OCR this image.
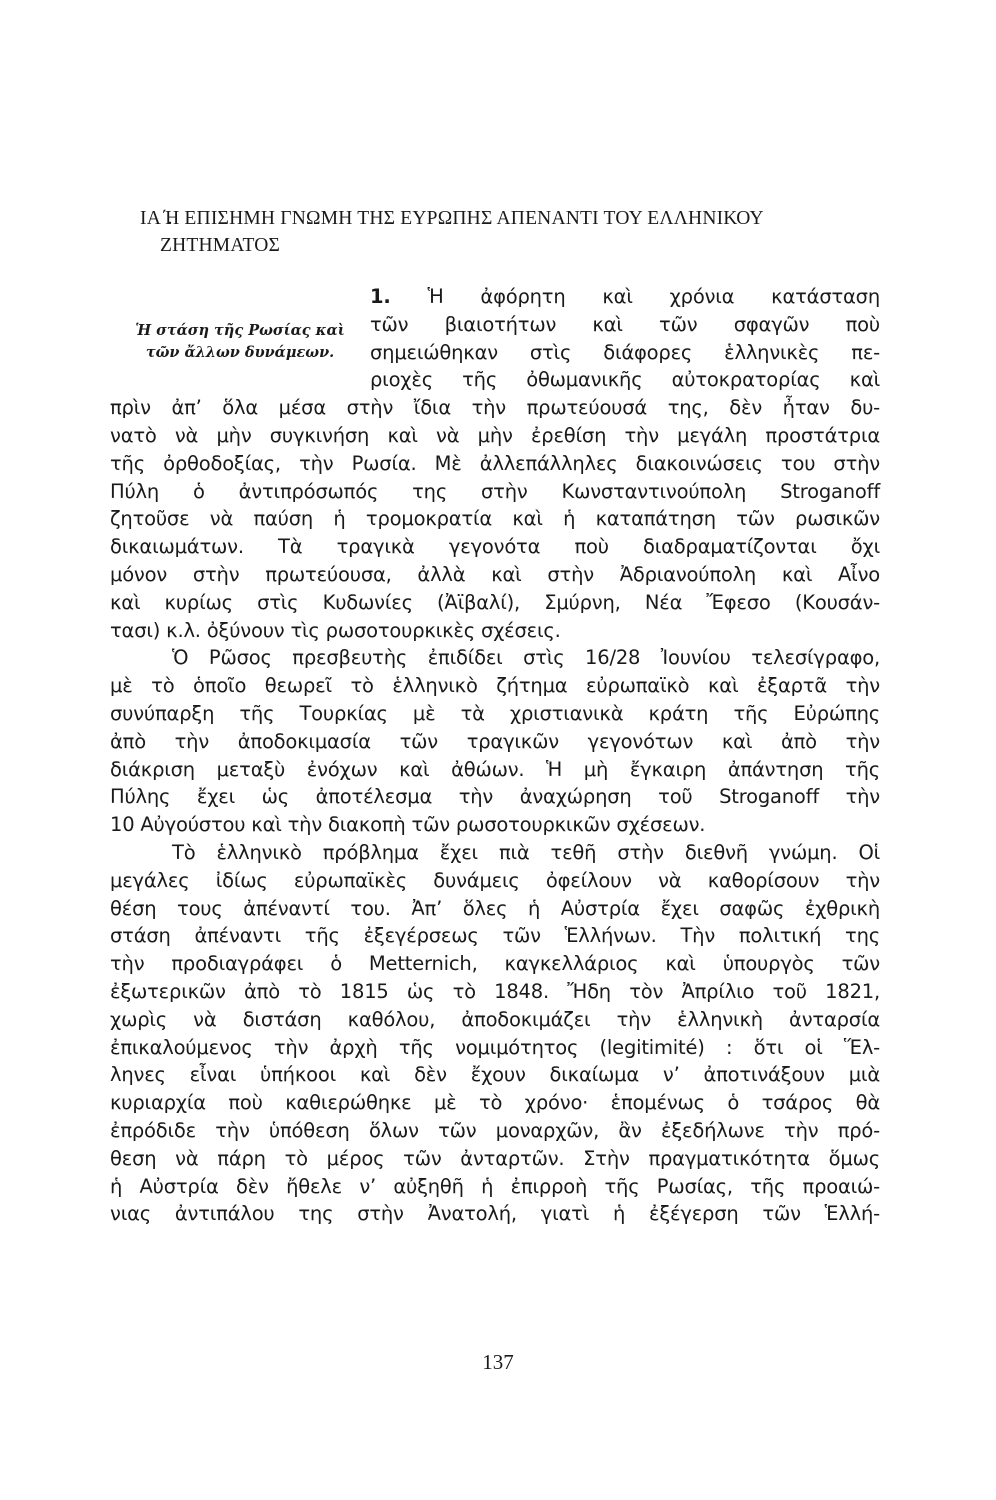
ΙΑ΄. Η ΕΠΙΣΗΜΗ ΓΝΩΜΗ ΤΗΣ ΕΥΡΩΠΗΣ ΑΠΕΝΑΝΤΙ ΤΟΥ ΕΛΛΗΝΙΚΟΥ
ΖΗΤΗΜΑΤΟΣ
Ἡ στάση τῆς Ρωσίας καὶ
τῶν ἄλλων δυνάμεων.
1. Ἡ ἀφόρητη καὶ χρόνια κατάσταση
τῶν βιαιοτήτων καὶ τῶν σφαγῶν ποὺ
σημειώθηκαν στὶς διάφορες ἑλληνικὲς πε-
ριοχὲς τῆς ὀθωμανικῆς αὐτοκρατορίας καὶ
πρὶν ἀπ’ ὅλα μέσα στὴν ἴδια τὴν πρωτεύουσά της, δὲν ἦταν δυ-
νατὸ νὰ μὴν συγκινήση καὶ νὰ μὴν ἐρεθίση τὴν μεγάλη προστάτρια
τῆς ὀρθοδοξίας, τὴν Ρωσία. Μὲ ἀλλεπάλληλες διακοινώσεις του στὴν
Πύλη ὁ ἀντιπρόσωπός της στὴν Κωνσταντινούπολη Stroganoff
ζητοῦσε νὰ παύση ἡ τρομοκρατία καὶ ἡ καταπάτηση τῶν ρωσικῶν
δικαιωμάτων. Τὰ τραγικὰ γεγονότα ποὺ διαδραματίζονται ὄχι
μόνον στὴν πρωτεύουσα, ἀλλὰ καὶ στὴν Ἀδριανούπολη καὶ Αἶνο
καὶ κυρίως στὶς Κυδωνίες (Ἀϊβαλί), Σμύρνη, Νέα Ἔφεσο (Κουσάν-
τασι) κ.λ. ὀξύνουν τὶς ρωσοτουρκικὲς σχέσεις.
Ὁ Ρῶσος πρεσβευτὴς ἐπιδίδει στὶς 16/28 Ἰουνίου τελεσίγραφο,
μὲ τὸ ὁποῖο θεωρεῖ τὸ ἑλληνικὸ ζήτημα εὐρωπαϊκὸ καὶ ἐξαρτᾶ τὴν
συνύπαρξη τῆς Τουρκίας μὲ τὰ χριστιανικὰ κράτη τῆς Εὐρώπης
ἀπὸ τὴν ἀποδοκιμασία τῶν τραγικῶν γεγονότων καὶ ἀπὸ τὴν
διάκριση μεταξὺ ἐνόχων καὶ ἀθώων. Ἡ μὴ ἔγκαιρη ἀπάντηση τῆς
Πύλης ἔχει ὡς ἀποτέλεσμα τὴν ἀναχώρηση τοῦ Stroganoff τὴν
10 Αὐγούστου καὶ τὴν διακοπὴ τῶν ρωσοτουρκικῶν σχέσεων.
Τὸ ἑλληνικὸ πρόβλημα ἔχει πιὰ τεθῆ στὴν διεθνῆ γνώμη. Οἱ
μεγάλες ἰδίως εὐρωπαϊκὲς δυνάμεις ὀφείλουν νὰ καθορίσουν τὴν
θέση τους ἀπέναντί του. Ἀπ’ ὅλες ἡ Αὐστρία ἔχει σαφῶς ἐχθρικὴ
στάση ἀπέναντι τῆς ἐξεγέρσεως τῶν Ἑλλήνων. Τὴν πολιτική της
τὴν προδιαγράφει ὁ Metternich, καγκελλάριος καὶ ὑπουργὸς τῶν
ἐξωτερικῶν ἀπὸ τὸ 1815 ὡς τὸ 1848. Ἤδη τὸν Ἀπρίλιο τοῦ 1821,
χωρὶς νὰ διστάση καθόλου, ἀποδοκιμάζει τὴν ἑλληνικὴ ἀνταρσία
ἐπικαλούμενος τὴν ἀρχὴ τῆς νομιμότητος (legitimité) : ὅτι οἱ Ἕλ-
ληνες εἶναι ὑπήκοοι καὶ δὲν ἔχουν δικαίωμα ν’ ἀποτινάξουν μιὰ
κυριαρχία ποὺ καθιερώθηκε μὲ τὸ χρόνο· ἑπομένως ὁ τσάρος θὰ
ἐπρόδιδε τὴν ὑπόθεση ὅλων τῶν μοναρχῶν, ἂν ἐξεδήλωνε τὴν πρό-
θεση νὰ πάρη τὸ μέρος τῶν ἀνταρτῶν. Στὴν πραγματικότητα ὅμως
ἡ Αὐστρία δὲν ἤθελε ν’ αὐξηθῆ ἡ ἐπιρροὴ τῆς Ρωσίας, τῆς προαιώ-
νιας ἀντιπάλου της στὴν Ἀνατολή, γιατὶ ἡ ἐξέγερση τῶν Ἑλλή-
137
